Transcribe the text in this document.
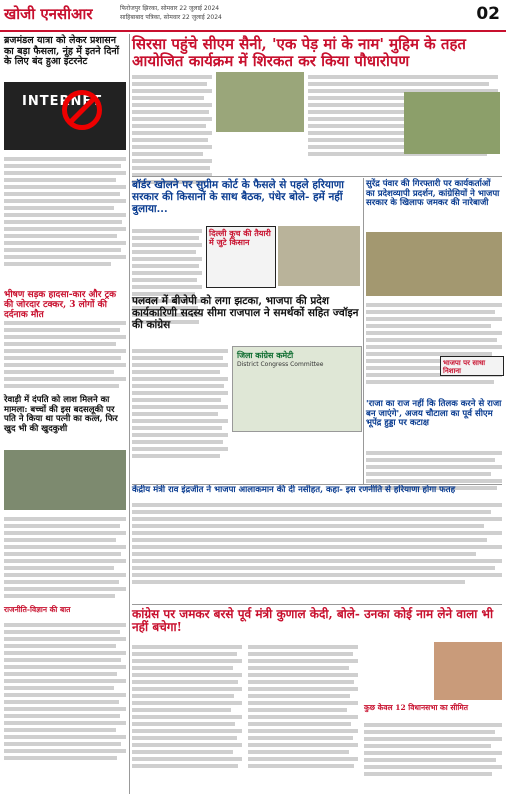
खोजी एनसीआर	फिरोजपुर झिरका, सोमवार 22 जुलाई 2024
साहिबाबाद पत्रिका, सोमवार 22 जुलाई 2024	02
सिरसा पहुंचे सीएम सैनी, 'एक पेड़ मां के नाम' मुहिम के तहत आयोजित कार्यक्रम में शिरकत कर किया पौधारोपण
ब्रजमंडल यात्रा को लेकर प्रशासन का बड़ा फैसला, नूंह में इतने दिनों के लिए बंद हुआ इंटरनेट
INTERNET
भीषण सड़क हादसा-कार और ट्रक की जोरदार टक्कर, 3 लोगों की दर्दनाक मौत
रेवाड़ी में दंपति को लाश मिलने का मामला: बच्चों की इस बदसलूकी पर पति ने किया था पत्नी का कत्ल, फिर खुद भी की खुदकुशी
बॉर्डर खोलने पर सुप्रीम कोर्ट के फैसले से पहले हरियाणा सरकार की किसानों के साथ बैठक, पंधेर बोले- हमें नहीं बुलाया...
दिल्ली कूच की तैयारी में जुटे किसान
सुरेंद्र पंवार की गिरफ्तारी पर कार्यकर्ताओं का प्रदेशव्यापी प्रदर्शन, कांग्रेसियों ने भाजपा सरकार के खिलाफ जमकर की नारेबाजी
भाजपा पर साधा निशाना
पलवल में बीजेपी को लगा झटका, भाजपा की प्रदेश कार्यकारिणी सदस्य सीमा राजपाल ने समर्थकों सहित ज्वॉइन की कांग्रेस
जिला कांग्रेस कमेटी
District Congress Committee
'राजा का राज नहीं कि तिलक करने से राजा बन जाएंगे', अजय चौटाला का पूर्व सीएम भूपेंद्र हुड्डा पर कटाक्ष
केंद्रीय मंत्री राव इंद्रजीत ने भाजपा आलाकमान की दी नसीहत, कहा- इस रणनीति से हरियाणा होगा फतह
कांग्रेस पर जमकर बरसे पूर्व मंत्री कुणाल केदी, बोले- उनका कोई नाम लेने वाला भी नहीं बचेगा!
राजनीति-विज्ञान की बात
कुछ केवल 12 विधानसभा का सीमित
